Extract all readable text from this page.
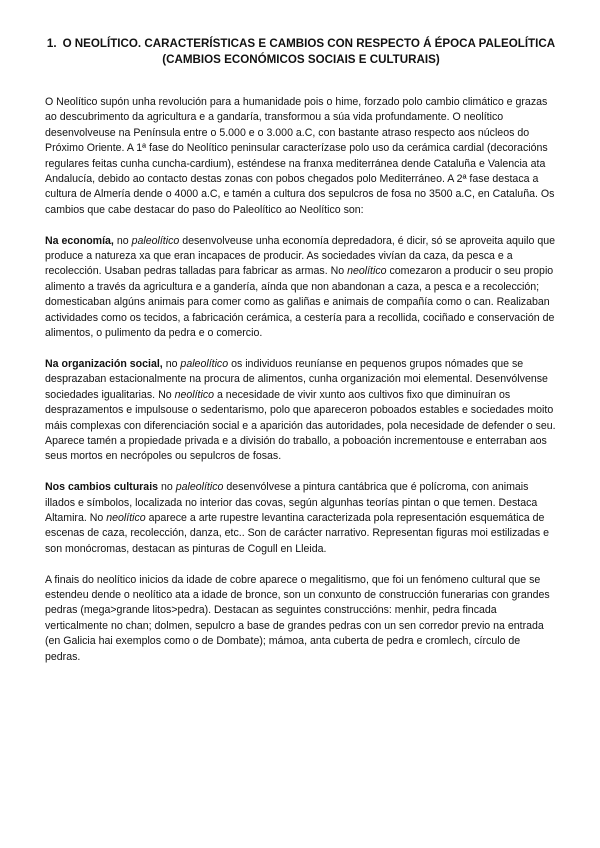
1. O NEOLÍTICO. CARACTERÍSTICAS E CAMBIOS CON RESPECTO Á ÉPOCA PALEOLÍTICA (CAMBIOS ECONÓMICOS SOCIAIS E CULTURAIS)

O Neolítico supón unha revolución para a humanidade pois o hime, forzado polo cambio climático e grazas ao descubrimento da agricultura e a gandaría, transformou a súa vida profundamente. O neolítico desenvolveuse na Península entre o 5.000 e o 3.000 a.C, con bastante atraso respecto aos núcleos do Próximo Oriente. A 1ª fase do Neolítico peninsular caracterízase polo uso da cerámica cardial (decoracións regulares feitas cunha cuncha-cardium), esténdese na franxa mediterránea dende Cataluña e Valencia ata Andalucía, debido ao contacto destas zonas con pobos chegados polo Mediterráneo. A 2ª fase destaca a cultura de Almería dende o 4000 a.C, e tamén a cultura dos sepulcros de fosa no 3500 a.C, en Cataluña. Os cambios que cabe destacar do paso do Paleolítico ao Neolítico son:

Na economía, no paleolítico desenvolveuse unha economía depredadora, é dicir, só se aproveita aquilo que produce a natureza xa que eran incapaces de producir. As sociedades vivían da caza, da pesca e a recolección. Usaban pedras talladas para fabricar as armas. No neolítico comezaron a producir o seu propio alimento a través da agricultura e a gandería, aínda que non abandonan a caza, a pesca e a recolección; domesticaban algúns animais para comer como as galiñas e animais de compañía como o can. Realizaban actividades como os tecidos, a fabricación cerámica, a cestería para a recollida, cociñado e conservación de alimentos, o pulimento da pedra e o comercio.

Na organización social, no paleolítico os individuos reuníanse en pequenos grupos nómades que se desprazaban estacionalmente na procura de alimentos, cunha organización moi elemental. Desenvólvense sociedades igualitarias. No neolítico a necesidade de vivir xunto aos cultivos fixo que diminuíran os desprazamentos e impulsouse o sedentarismo, polo que apareceron poboados estables e sociedades moito máis complexas con diferenciación social e a aparición das autoridades, pola necesidade de defender o seu. Aparece tamén a propiedade privada e a división do traballo, a poboación incrementouse e enterraban aos seus mortos en necrópoles ou sepulcros de fosas.

Nos cambios culturais no paleolítico desenvólvese a pintura cantábrica que é polícroma, con animais illados e símbolos, localizada no interior das covas, según algunhas teorías pintan o que temen. Destaca Altamira. No neolítico aparece a arte rupestre levantina caracterizada pola representación esquemática de escenas de caza, recolección, danza, etc.. Son de carácter narrativo. Representan figuras moi estilizadas e son monócromas, destacan as pinturas de Cogull en Lleida.

A finais do neolítico inicios da idade de cobre aparece o megalitismo, que foi un fenómeno cultural que se estendeu dende o neolítico ata a idade de bronce, son un conxunto de construcción funerarias con grandes pedras (mega>grande litos>pedra). Destacan as seguintes construccións: menhir, pedra fincada verticalmente no chan; dolmen, sepulcro a base de grandes pedras con un sen corredor previo na entrada (en Galicia hai exemplos como o de Dombate); mámoa, anta cuberta de pedra e cromlech, círculo de pedras.
